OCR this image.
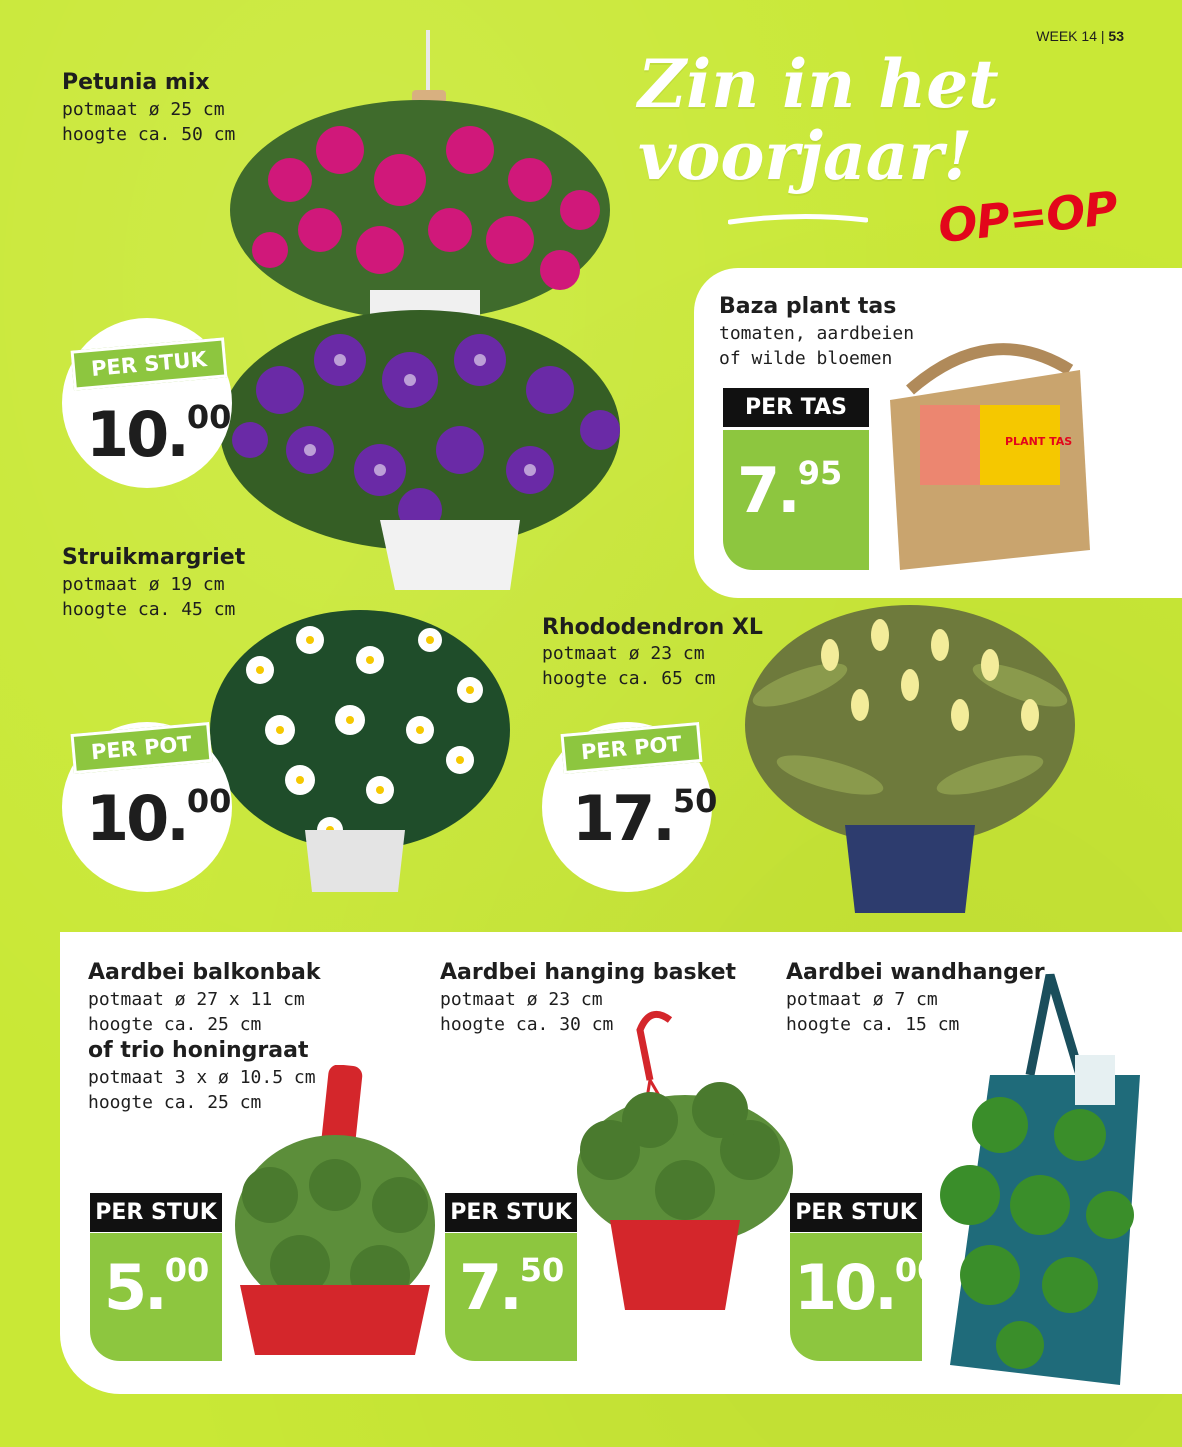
WEEK 14 | 53
Zin in het
voorjaar!
OP=OP
Petunia mix
potmaat ø 25 cm
hoogte ca. 50 cm
PER STUK
10.00
Baza plant tas
tomaten, aardbeien
of wilde bloemen
PER TAS
7.95
PLANT TAS
Struikmargriet
potmaat ø 19 cm
hoogte ca. 45 cm
PER POT
10.00
Rhododendron XL
potmaat ø 23 cm
hoogte ca. 65 cm
PER POT
17.50
Aardbei balkonbak
potmaat ø 27 x 11 cm
hoogte ca. 25 cm
of trio honingraat
potmaat 3 x ø 10.5 cm
hoogte ca. 25 cm
PER STUK
5.00
Aardbei hanging basket
potmaat ø 23 cm
hoogte ca. 30 cm
PER STUK
7.50
Aardbei wandhanger
potmaat ø 7 cm
hoogte ca. 15 cm
PER STUK
10.00
